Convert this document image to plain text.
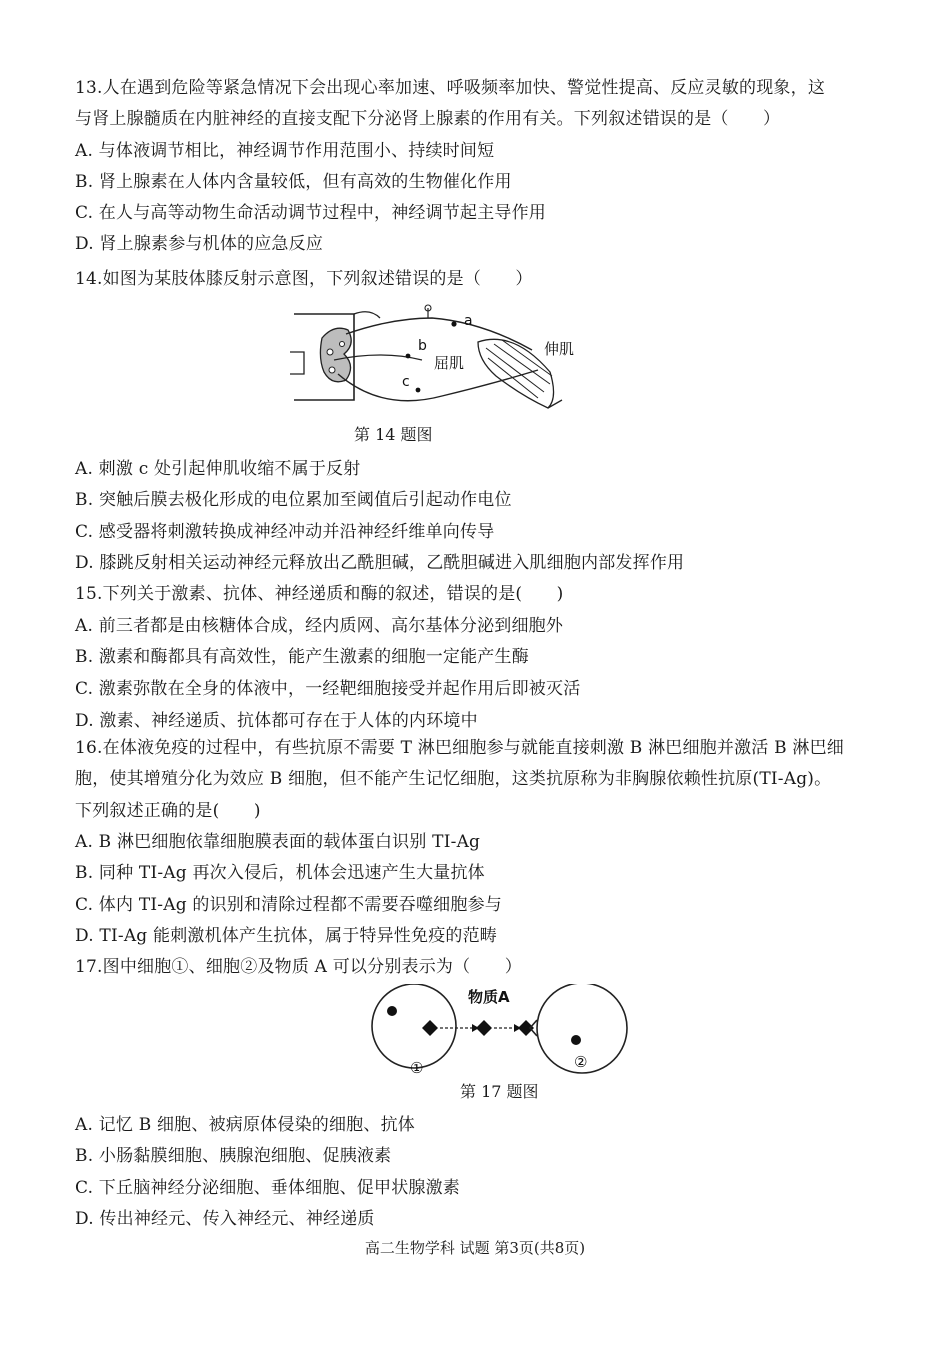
13.人在遇到危险等紧急情况下会出现心率加速、呼吸频率加快、警觉性提高、反应灵敏的现象，这
与肾上腺髓质在内脏神经的直接支配下分泌肾上腺素的作用有关。下列叙述错误的是（　　）
A. 与体液调节相比，神经调节作用范围小、持续时间短
B. 肾上腺素在人体内含量较低，但有高效的生物催化作用
C. 在人与高等动物生命活动调节过程中，神经调节起主导作用
D. 肾上腺素参与机体的应急反应
14.如图为某肢体膝反射示意图，下列叙述错误的是（　　）
a
b
c
伸肌
屈肌
第 14 题图
A. 刺激 c 处引起伸肌收缩不属于反射
B. 突触后膜去极化形成的电位累加至阈值后引起动作电位
C. 感受器将刺激转换成神经冲动并沿神经纤维单向传导
D. 膝跳反射相关运动神经元释放出乙酰胆碱，乙酰胆碱进入肌细胞内部发挥作用
15.下列关于激素、抗体、神经递质和酶的叙述，错误的是(　　)
A. 前三者都是由核糖体合成，经内质网、高尔基体分泌到细胞外
B. 激素和酶都具有高效性，能产生激素的细胞一定能产生酶
C. 激素弥散在全身的体液中，一经靶细胞接受并起作用后即被灭活
D. 激素、神经递质、抗体都可存在于人体的内环境中
16.在体液免疫的过程中，有些抗原不需要 T 淋巴细胞参与就能直接刺激 B 淋巴细胞并激活 B 淋巴细
胞，使其增殖分化为效应 B 细胞，但不能产生记忆细胞，这类抗原称为非胸腺依赖性抗原(TI-Ag)。
下列叙述正确的是(　　)
A. B 淋巴细胞依靠细胞膜表面的载体蛋白识别 TI-Ag
B. 同种 TI-Ag 再次入侵后，机体会迅速产生大量抗体
C. 体内 TI-Ag 的识别和清除过程都不需要吞噬细胞参与
D. TI-Ag 能刺激机体产生抗体，属于特异性免疫的范畴
17.图中细胞①、细胞②及物质 A 可以分别表示为（　　）
物质A
①	②
第 17 题图
A. 记忆 B 细胞、被病原体侵染的细胞、抗体
B. 小肠黏膜细胞、胰腺泡细胞、促胰液素
C. 下丘脑神经分泌细胞、垂体细胞、促甲状腺激素
D. 传出神经元、传入神经元、神经递质
高二生物学科 试题 第3页(共8页)
